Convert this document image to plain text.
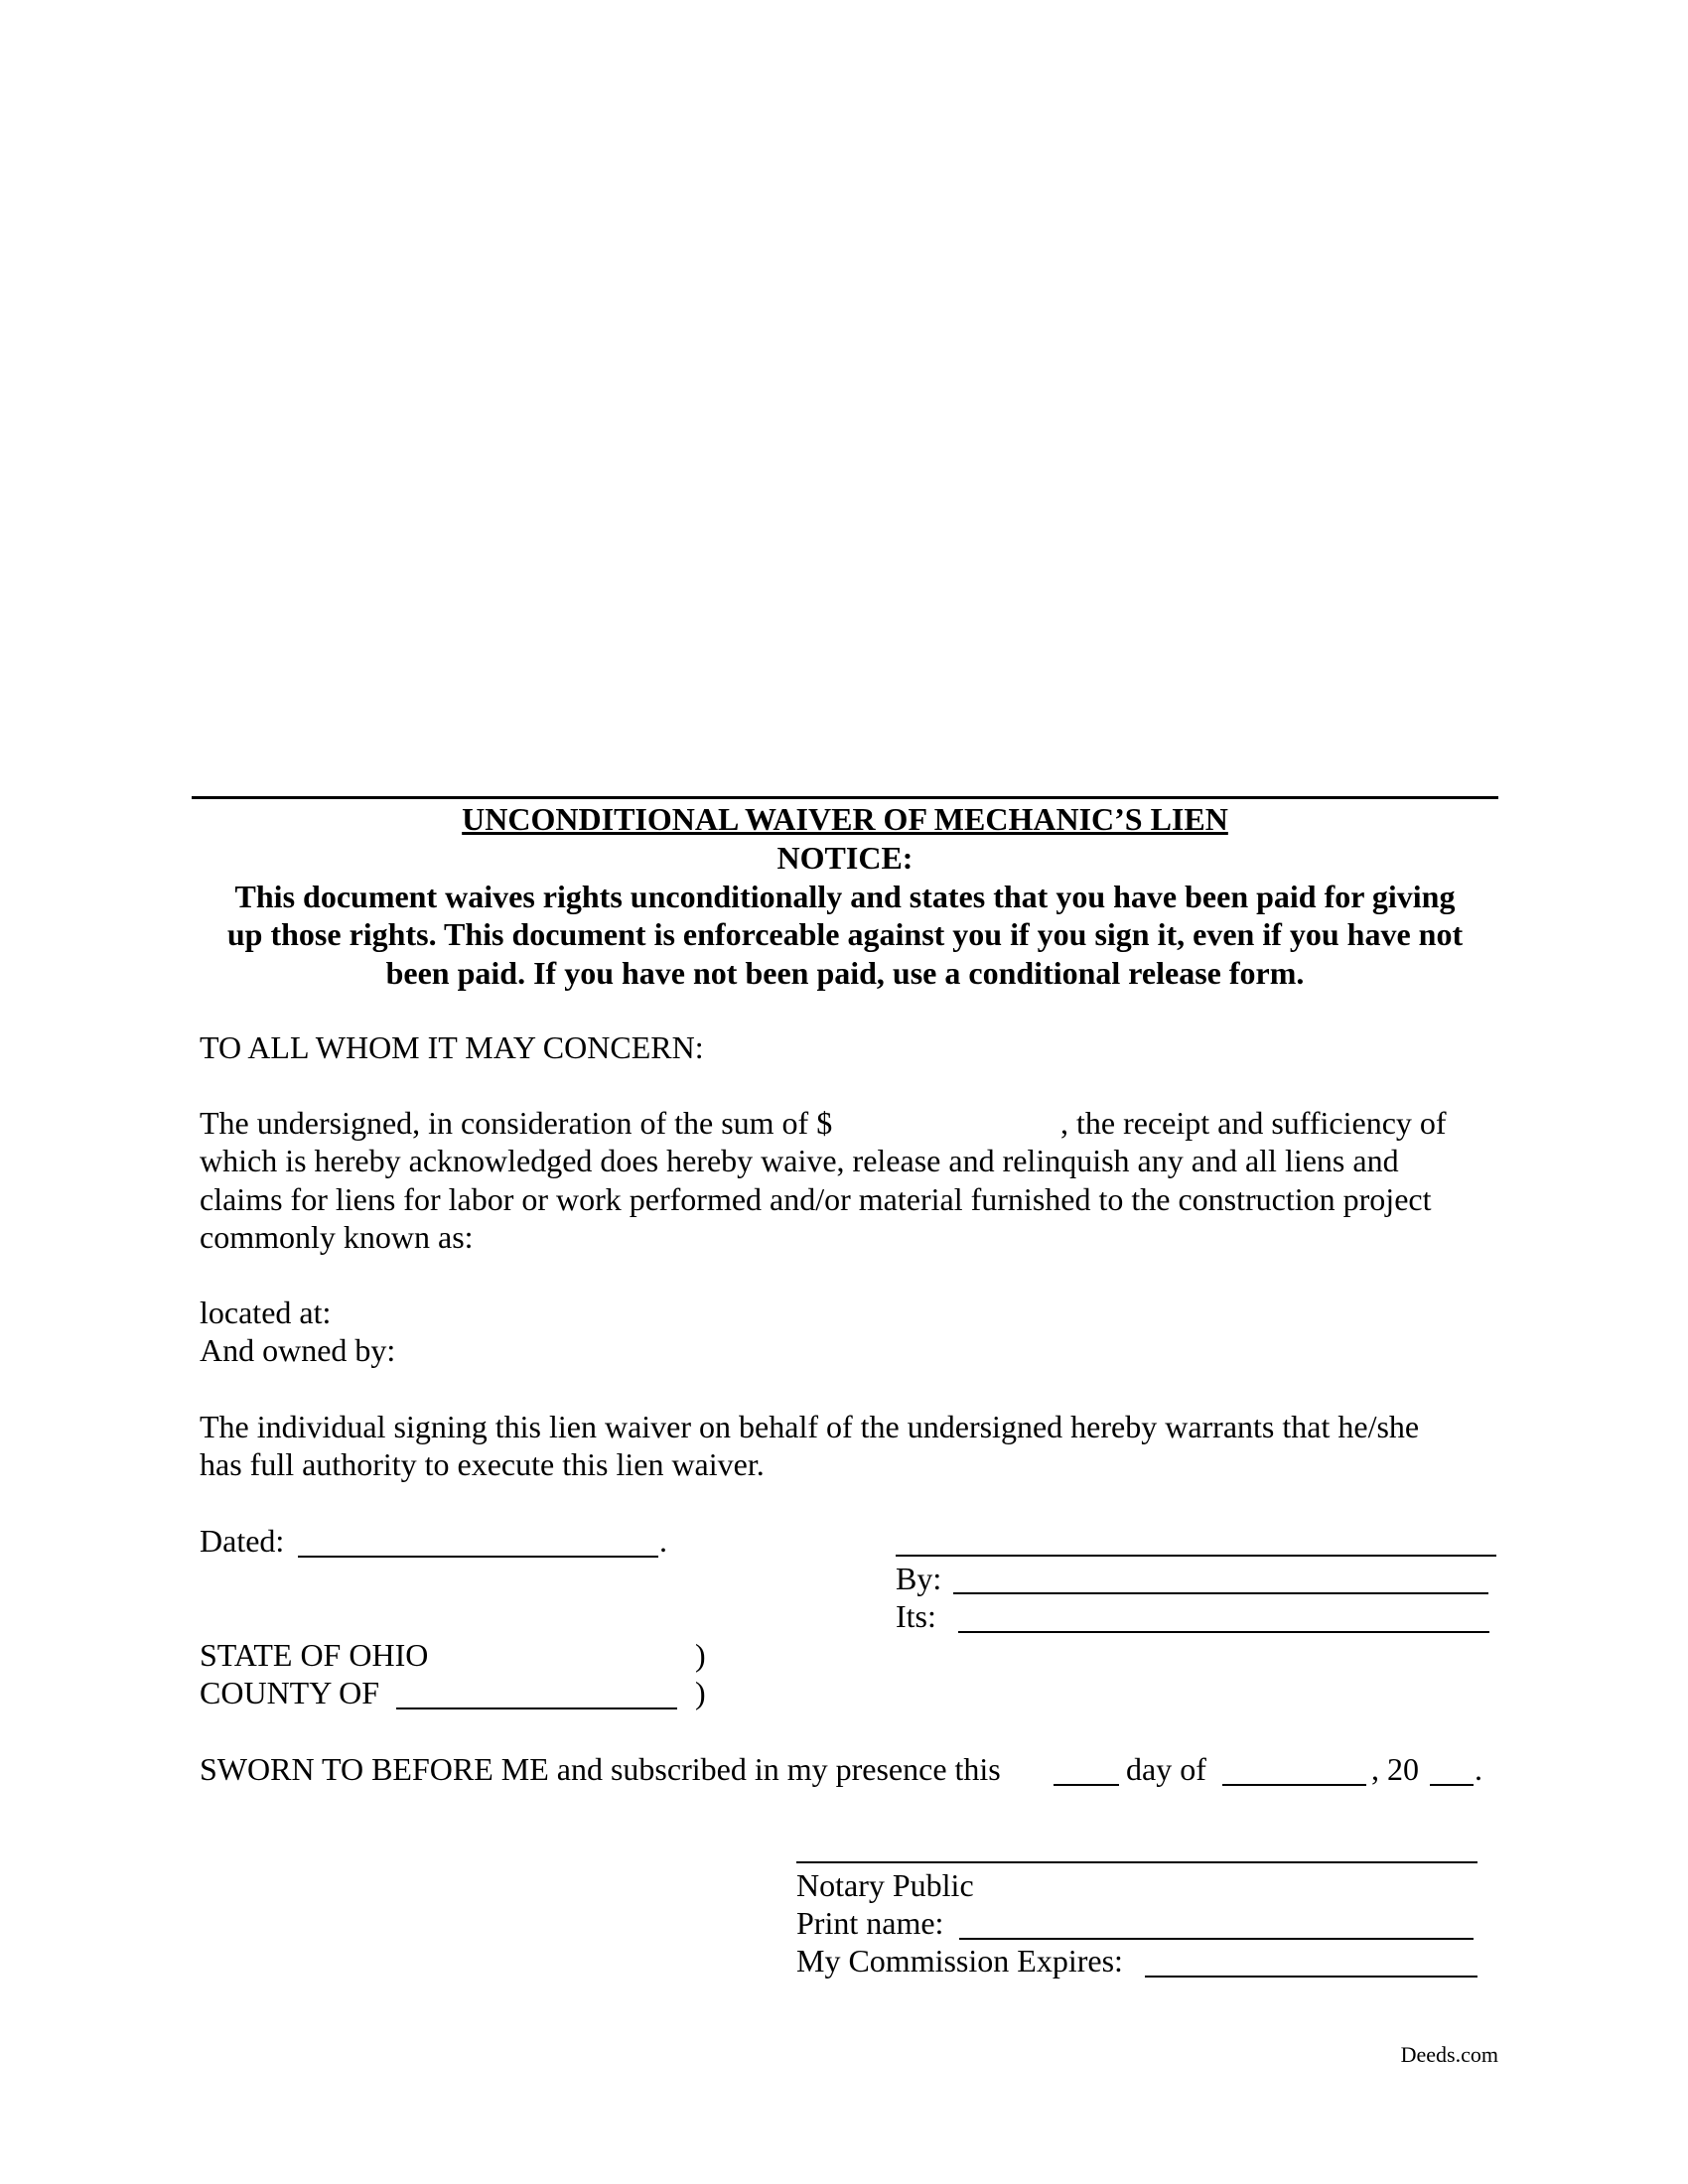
UNCONDITIONAL WAIVER OF MECHANIC’S LIEN
NOTICE:
This document waives rights unconditionally and states that you have been paid for giving
up those rights. This document is enforceable against you if you sign it, even if you have not
been paid. If you have not been paid, use a conditional release form.
TO ALL WHOM IT MAY CONCERN:
The undersigned, in consideration of the sum of $	, the receipt and sufficiency of
which is hereby acknowledged does hereby waive, release and relinquish any and all liens and
claims for liens for labor or work performed and/or material furnished to the construction project
commonly known as:
located at:
And owned by:
The individual signing this lien waiver on behalf of the undersigned hereby warrants that he/she
has full authority to execute this lien waiver.
Dated:	.
By:
Its:
STATE OF OHIO	)
COUNTY OF	)
SWORN TO BEFORE ME and subscribed in my presence this	day of	, 20 .
Notary Public
Print name:
My Commission Expires:
Deeds.com
